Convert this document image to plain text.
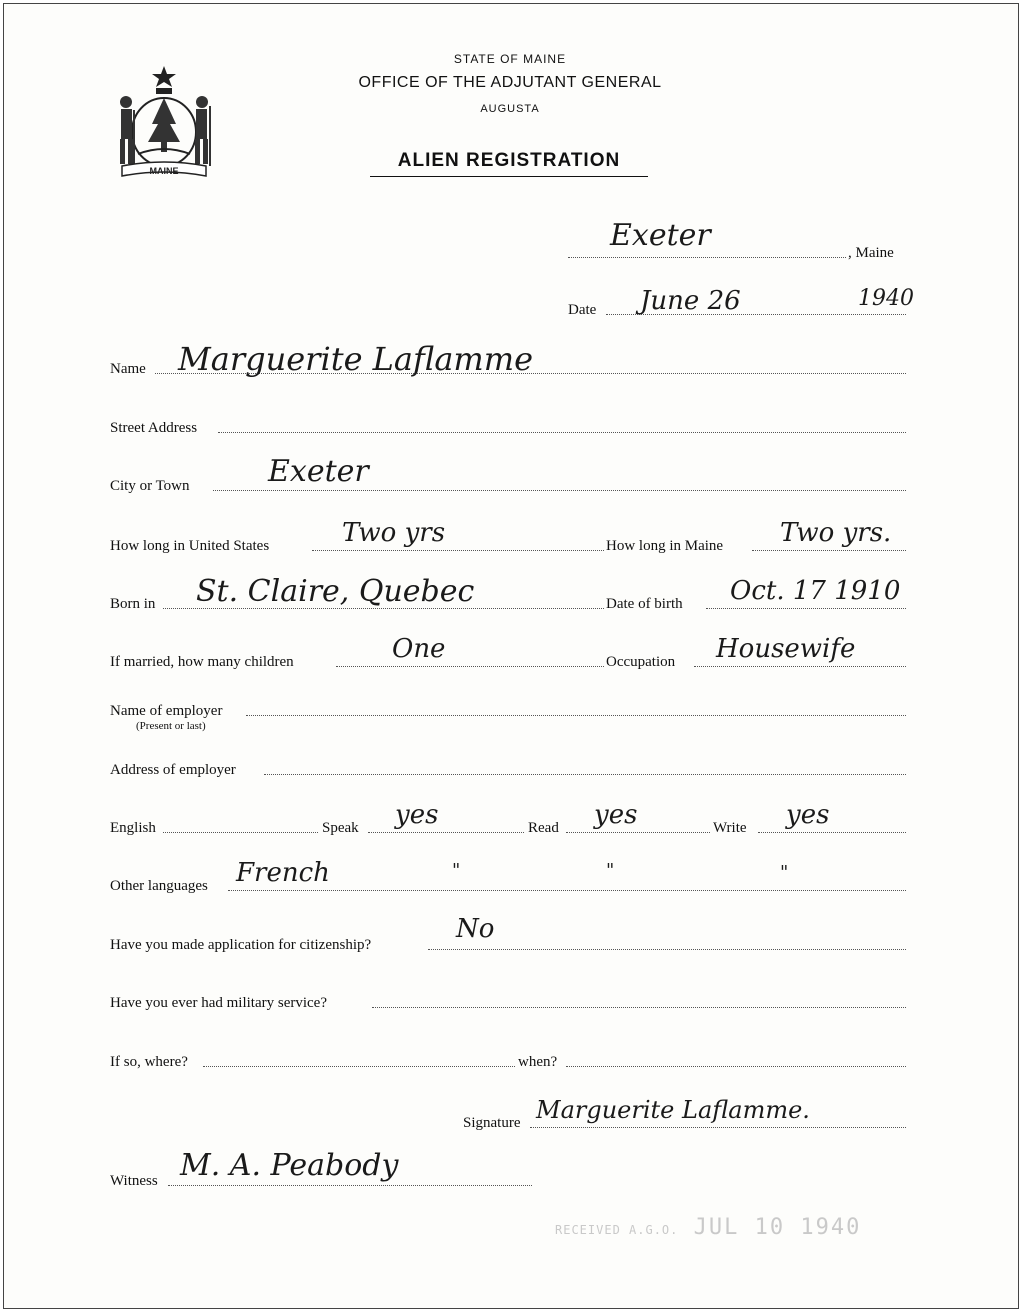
MAINE
STATE OF MAINE
OFFICE OF THE ADJUTANT GENERAL
AUGUSTA
ALIEN REGISTRATION
Exeter	, Maine
Date June 26	1940
Name Marguerite Laflamme
Street Address
City or Town	Exeter
How long in United States	Two yrs	How long in Maine Two yrs.
Born in St. Claire, Quebec	Date of birth Oct. 17 1910
If married, how many children	One	Occupation Housewife
Name of employer
(Present or last)
Address of employer
English	Speak yes	Read yes	Write yes
Other languages French	"	"	"
Have you made application for citizenship?
No
Have you ever had military service?
If so, where?	when?
Signature Marguerite Laflamme.
Witness M. A. Peabody
RECEIVED A.G.O. JUL 10 1940
